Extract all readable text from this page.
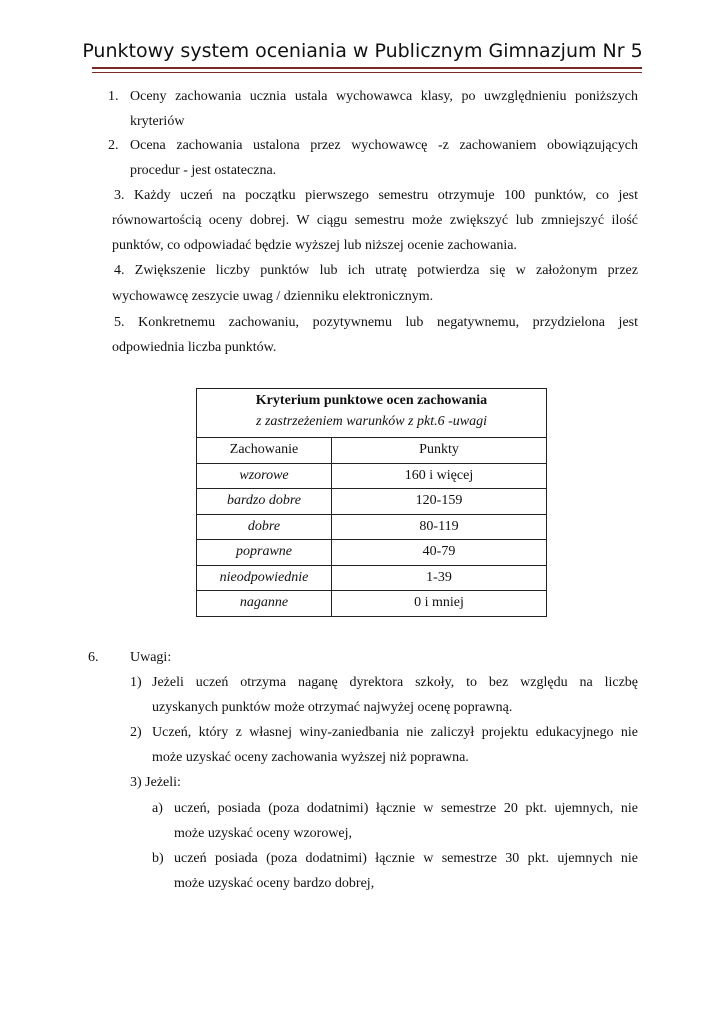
Punktowy system oceniania w Publicznym Gimnazjum Nr 5
1. Oceny zachowania ucznia ustala wychowawca klasy, po uwzględnieniu poniższych
kryteriów
2. Ocena zachowania ustalona przez wychowawcę -z zachowaniem obowiązujących
procedur - jest ostateczna.
3. Każdy uczeń na początku pierwszego semestru otrzymuje 100 punktów, co jest
równowartością oceny dobrej. W ciągu semestru może zwiększyć lub zmniejszyć ilość
punktów, co odpowiadać będzie wyższej lub niższej ocenie zachowania.
4. Zwiększenie liczby punktów lub ich utratę potwierdza się w założonym przez
wychowawcę zeszycie uwag / dzienniku elektronicznym.
5. Konkretnemu zachowaniu, pozytywnemu lub negatywnemu, przydzielona jest
odpowiednia liczba punktów.
Kryterium punktowe ocen zachowania
z zastrzeżeniem warunków z pkt.6 -uwagi
Zachowanie	Punkty
wzorowe	160 i więcej
bardzo dobre	120-159
dobre	80-119
poprawne	40-79
nieodpowiednie	1-39
naganne	0 i mniej
6. Uwagi:
1) Jeżeli uczeń otrzyma naganę dyrektora szkoły, to bez względu na liczbę
uzyskanych punktów może otrzymać najwyżej ocenę poprawną.
2) Uczeń, który z własnej winy-zaniedbania nie zaliczył projektu edukacyjnego nie
może uzyskać oceny zachowania wyższej niż poprawna.
3) Jeżeli:
a) uczeń, posiada (poza dodatnimi) łącznie w semestrze 20 pkt. ujemnych, nie
może uzyskać oceny wzorowej,
b) uczeń posiada (poza dodatnimi) łącznie w semestrze 30 pkt. ujemnych nie
może uzyskać oceny bardzo dobrej,
